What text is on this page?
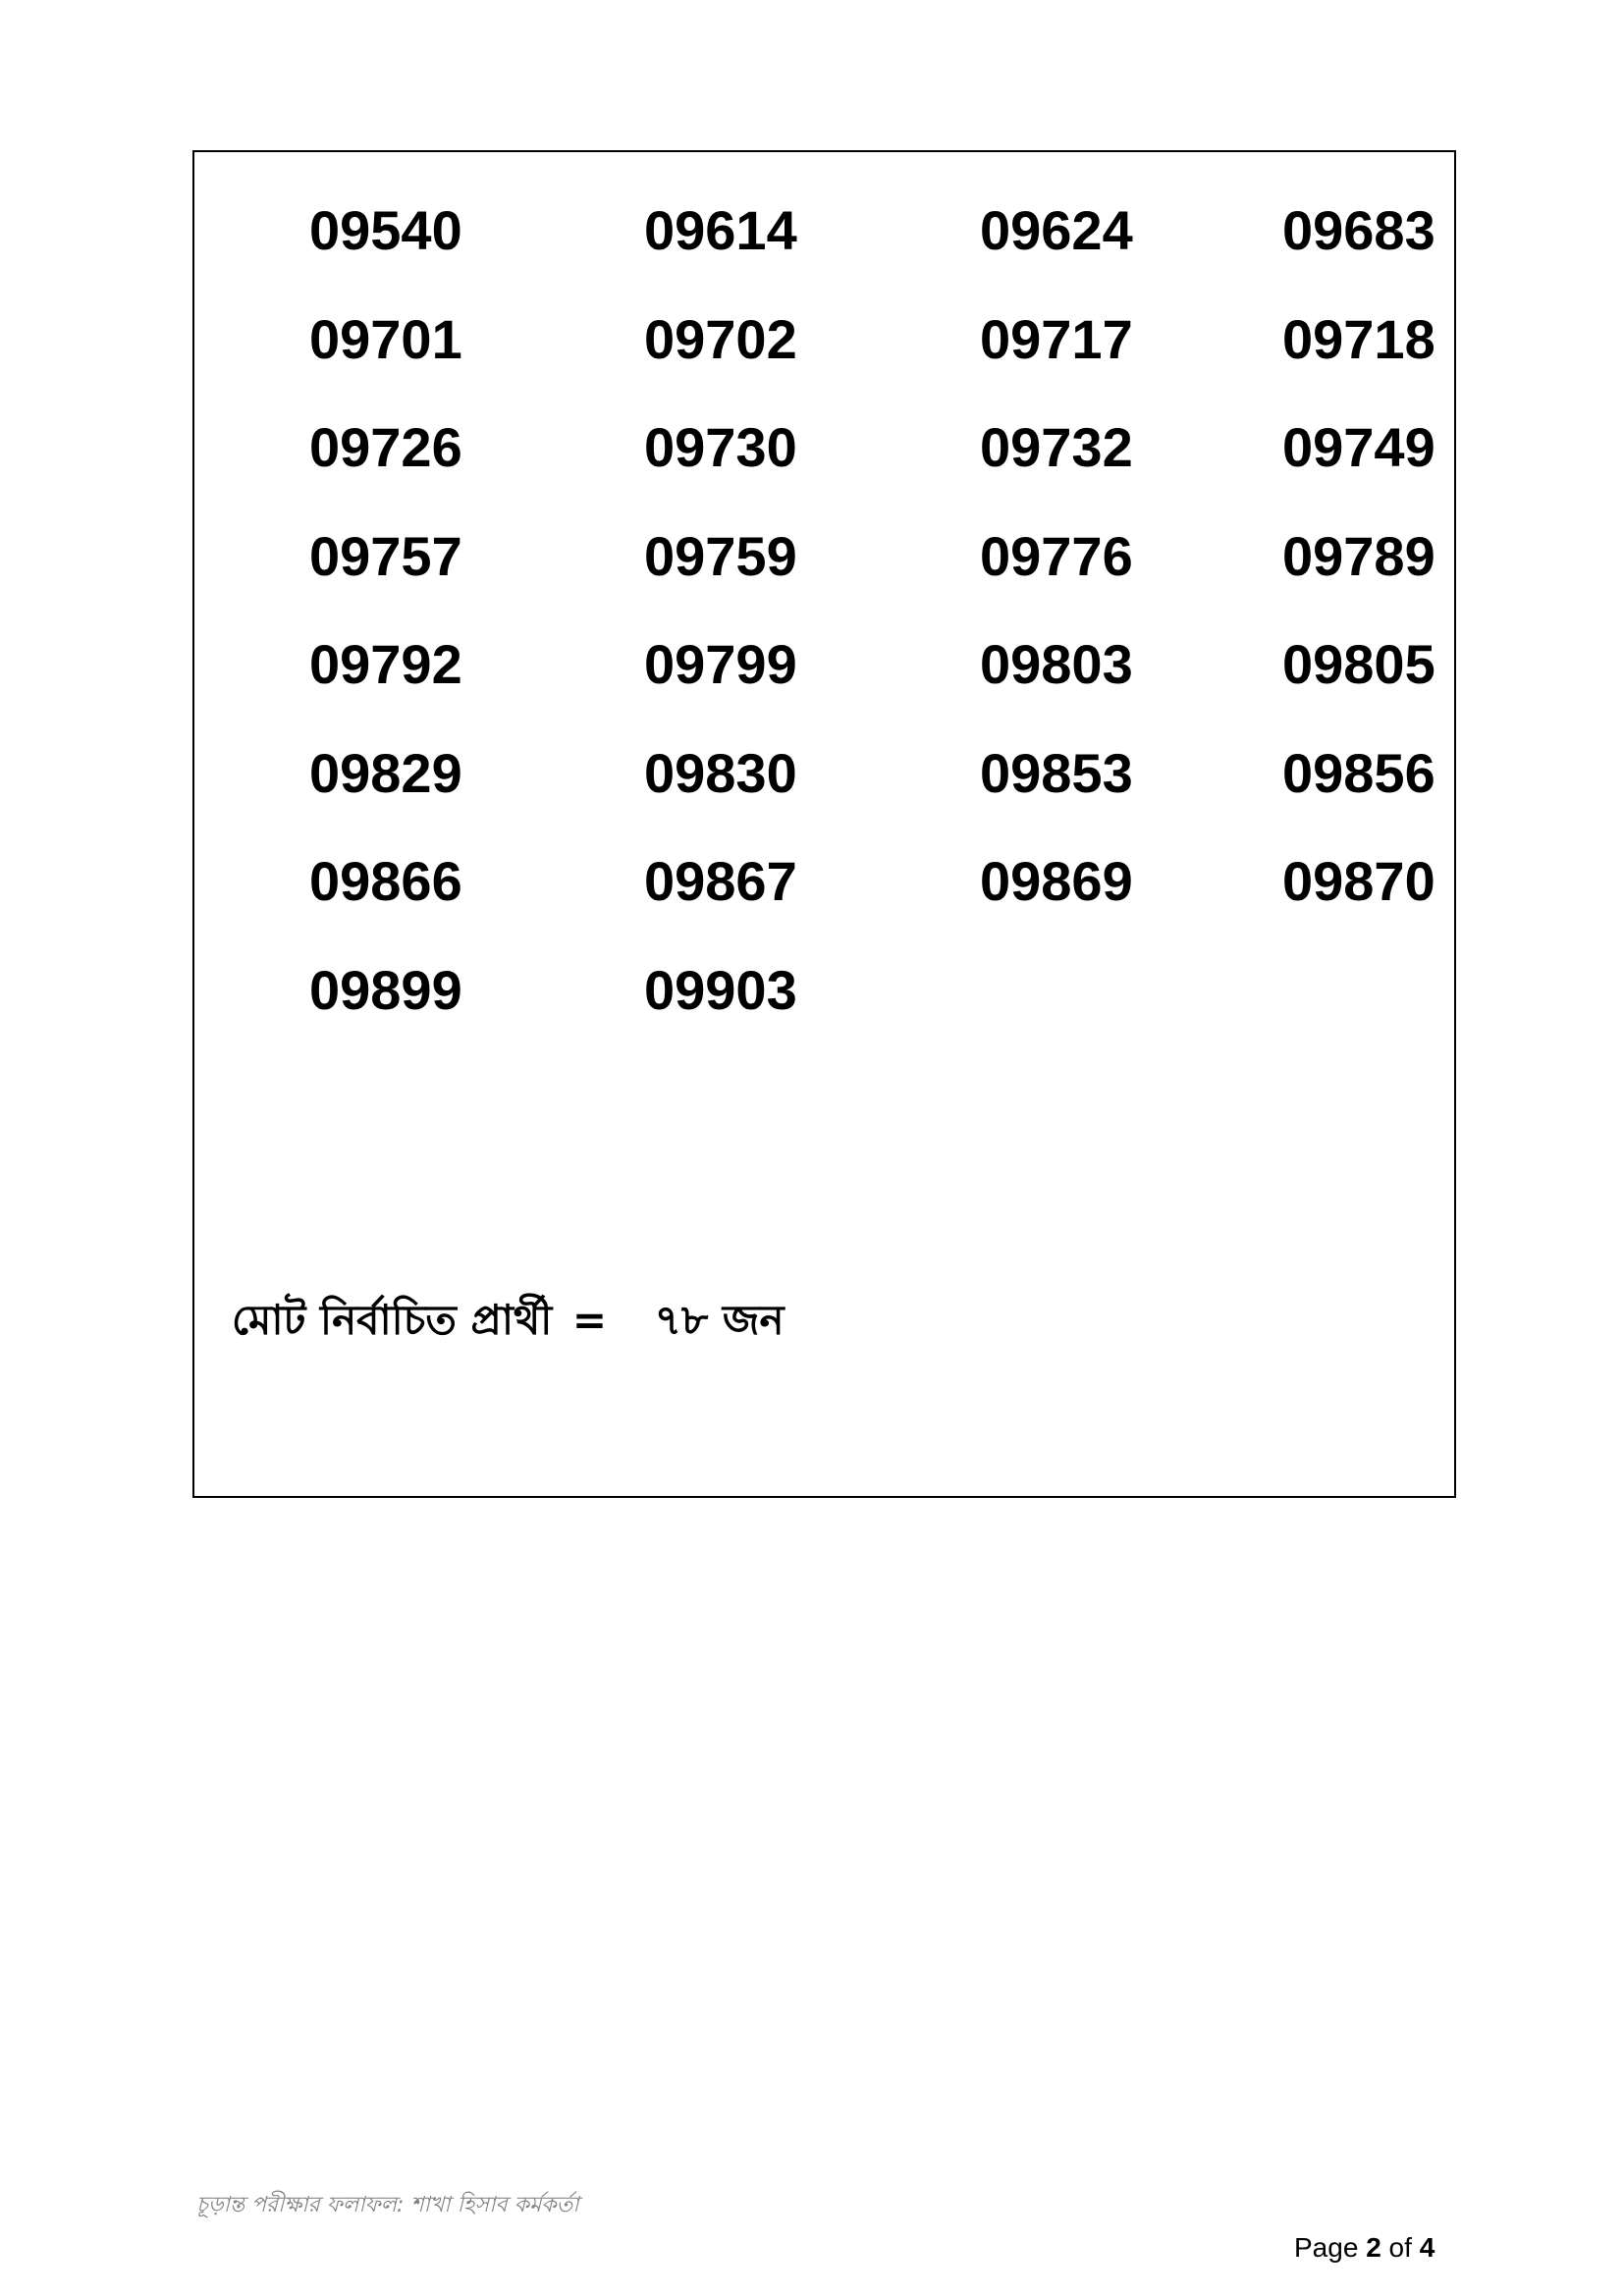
09540	09614	09624	09683
09701	09702	09717	09718
09726	09730	09732	09749
09757	09759	09776	09789
09792	09799	09803	09805
09829	09830	09853	09856
09866	09867	09869	09870
09899	09903
মোট নির্বাচিত প্রার্থী = ৭৮ জন
চূড়ান্ত পরীক্ষার ফলাফল: শাখা হিসাব কর্মকর্তা
Page 2 of 4
